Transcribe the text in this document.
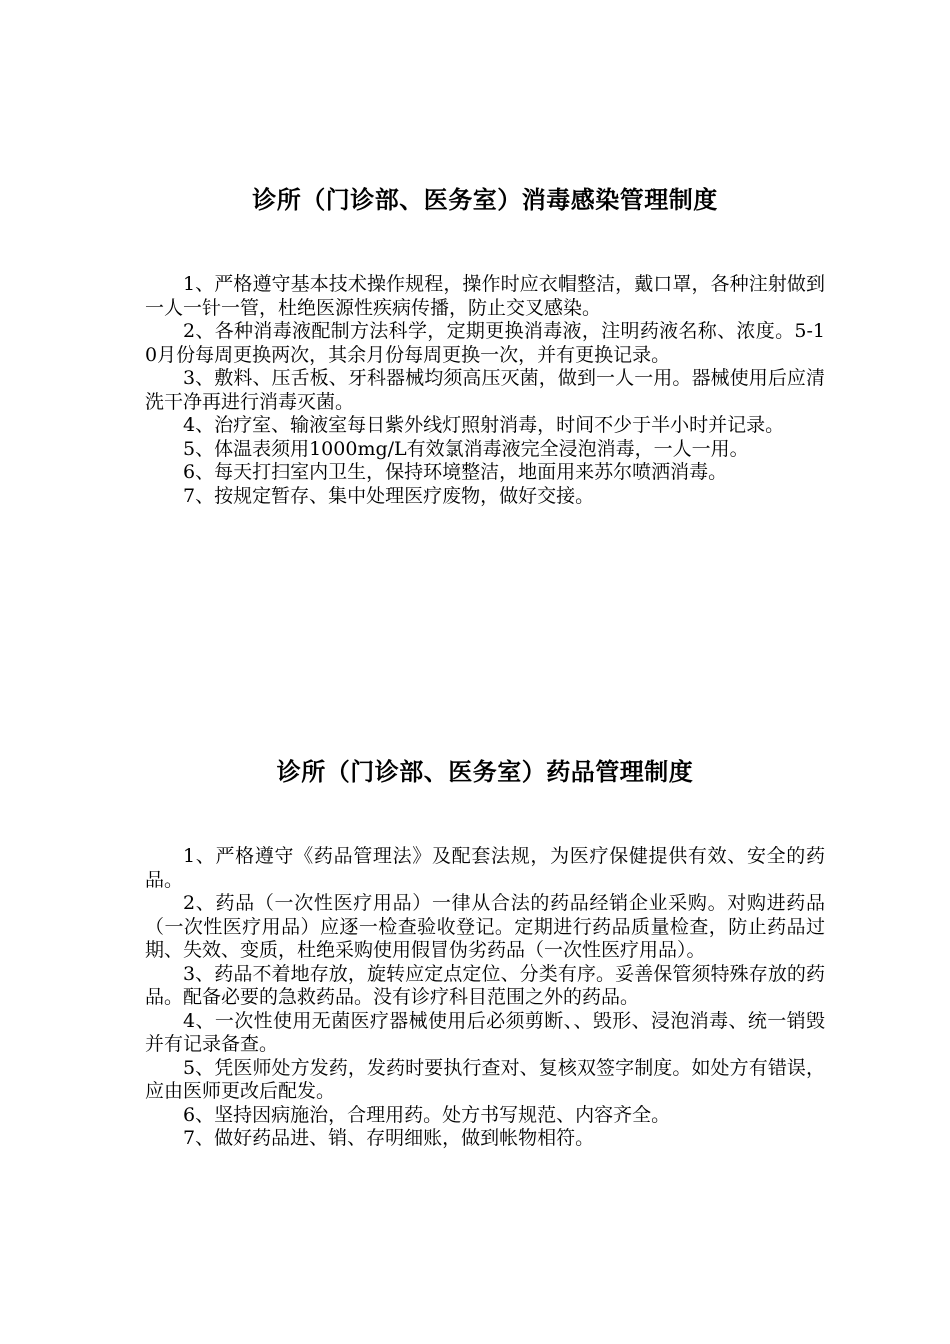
诊所（门诊部、医务室）消毒感染管理制度

1、严格遵守基本技术操作规程，操作时应衣帽整洁，戴口罩，各种注射做到一人一针一管，杜绝医源性疾病传播，防止交叉感染。

2、各种消毒液配制方法科学，定期更换消毒液，注明药液名称、浓度。5-10月份每周更换两次，其余月份每周更换一次，并有更换记录。

3、敷料、压舌板、牙科器械均须高压灭菌，做到一人一用。器械使用后应清洗干净再进行消毒灭菌。

4、治疗室、输液室每日紫外线灯照射消毒，时间不少于半小时并记录。

5、体温表须用1000mg/L有效氯消毒液完全浸泡消毒，一人一用。

6、每天打扫室内卫生，保持环境整洁，地面用来苏尔喷洒消毒。

7、按规定暂存、集中处理医疗废物，做好交接。

诊所（门诊部、医务室）药品管理制度

1、严格遵守《药品管理法》及配套法规，为医疗保健提供有效、安全的药品。

2、药品（一次性医疗用品）一律从合法的药品经销企业采购。对购进药品（一次性医疗用品）应逐一检查验收登记。定期进行药品质量检查，防止药品过期、失效、变质，杜绝采购使用假冒伪劣药品（一次性医疗用品）。

3、药品不着地存放，旋转应定点定位、分类有序。妥善保管须特殊存放的药品。配备必要的急救药品。没有诊疗科目范围之外的药品。

4、一次性使用无菌医疗器械使用后必须剪断、、毁形、浸泡消毒、统一销毁并有记录备查。

5、凭医师处方发药，发药时要执行查对、复核双签字制度。如处方有错误，应由医师更改后配发。

6、坚持因病施治，合理用药。处方书写规范、内容齐全。

7、做好药品进、销、存明细账，做到帐物相符。
